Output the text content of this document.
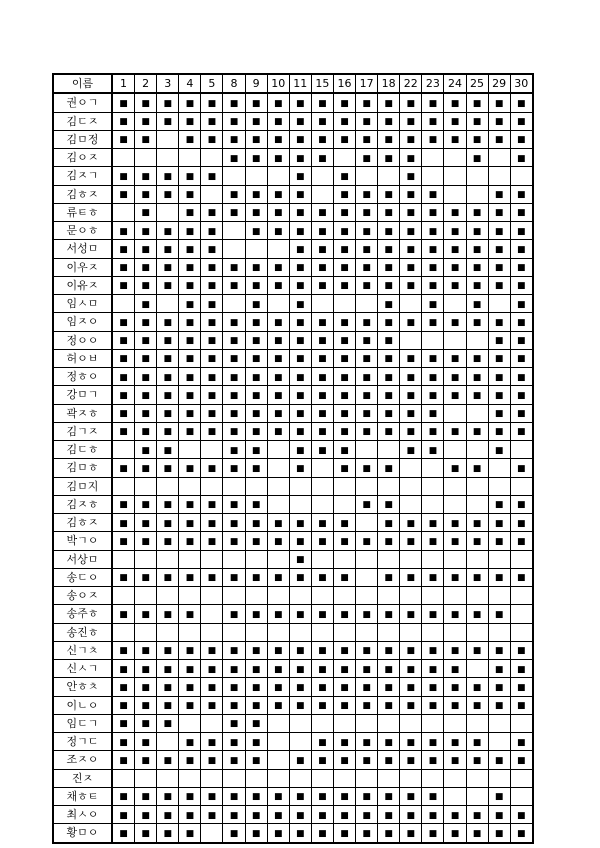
이름	1	2	3	4	5	8	9	10	11	15	16	17	18	22	23	24	25	29	30
권ㅇㄱ	■	■	■	■	■	■	■	■	■	■	■	■	■	■	■	■	■	■	■
김ㄷㅈ	■	■	■	■	■	■	■	■	■	■	■	■	■	■	■	■	■	■	■
김ㅁ정	■	■		■	■	■	■	■	■	■	■	■	■	■	■	■	■	■	■
김ㅇㅈ						■	■	■	■	■		■	■	■			■		■
김ㅈㄱ	■	■	■	■	■				■		■			■					
김ㅎㅈ	■	■	■	■		■	■	■	■		■	■	■	■	■			■	■
류ㅌㅎ		■		■	■	■	■	■	■	■	■	■	■	■	■	■	■	■	■
문ㅇㅎ	■	■	■	■	■		■	■	■	■	■	■	■	■	■	■	■	■	■
서성ㅁ	■	■	■	■	■				■	■	■	■	■	■	■	■	■	■	■
이우ㅈ	■	■	■	■	■	■	■	■	■	■	■	■	■	■	■	■	■	■	■
이유ㅈ	■	■	■	■	■	■	■	■	■	■	■	■	■	■	■	■	■	■	■
임ㅅㅁ		■		■	■		■		■				■		■		■		■
임ㅈㅇ	■	■	■	■	■	■	■	■	■	■	■	■	■	■	■	■	■	■	■
정ㅇㅇ	■	■	■	■	■	■	■	■	■	■	■	■	■					■	■
허ㅇㅂ	■	■	■	■	■	■	■	■	■	■	■	■	■	■	■	■	■	■	■
정ㅎㅇ	■	■	■	■	■	■	■	■	■	■	■	■	■	■	■	■	■	■	■
강ㅁㄱ	■	■	■	■	■	■	■	■	■	■	■	■	■	■	■	■	■	■	■
곽ㅈㅎ	■	■	■	■	■	■	■	■	■	■	■	■	■	■	■			■	■
김ㄱㅈ	■	■	■	■	■	■	■	■	■	■	■	■	■	■	■	■	■	■	■
김ㄷㅎ		■	■			■	■		■	■	■			■	■			■	
김ㅁㅎ	■	■	■	■	■	■	■		■		■	■	■			■	■		■
김ㅁ지																			
김ㅈㅎ	■	■	■	■	■	■	■					■	■					■	■
김ㅎㅈ	■	■	■	■	■	■	■	■	■	■	■		■	■	■	■	■	■	■
박ㄱㅇ	■	■	■	■	■	■	■	■	■	■	■	■	■	■	■	■	■	■	■
서상ㅁ									■										
송ㄷㅇ	■	■	■	■	■	■	■	■	■	■	■		■	■	■	■	■	■	■
송ㅇㅈ																			
송주ㅎ	■	■	■	■		■	■	■	■	■	■	■	■	■	■	■	■	■	
송진ㅎ																			
신ㄱㅊ	■	■	■	■	■	■	■	■	■	■	■	■	■	■	■	■	■	■	■
신ㅅㄱ	■	■	■	■	■	■	■	■	■	■	■	■	■	■	■	■		■	■
안ㅎㅊ	■	■	■	■	■	■	■	■	■	■	■	■	■	■	■	■	■	■	■
이ㄴㅇ	■	■	■	■	■	■	■	■	■	■	■	■	■	■	■	■	■	■	■
임ㄷㄱ	■	■	■			■	■												
정ㄱㄷ	■	■		■	■	■	■			■	■	■	■	■	■	■	■		■
조ㅈㅇ	■	■	■	■	■	■	■		■	■	■	■	■	■	■	■	■	■	■
진ㅈ																			
채ㅎㅌ	■	■	■	■	■	■	■	■	■	■	■	■	■	■	■			■	
최ㅅㅇ	■	■	■	■	■	■	■	■	■	■	■	■	■	■	■	■	■	■	■
황ㅁㅇ	■	■	■	■		■	■	■	■	■	■	■	■	■	■	■	■	■	■
